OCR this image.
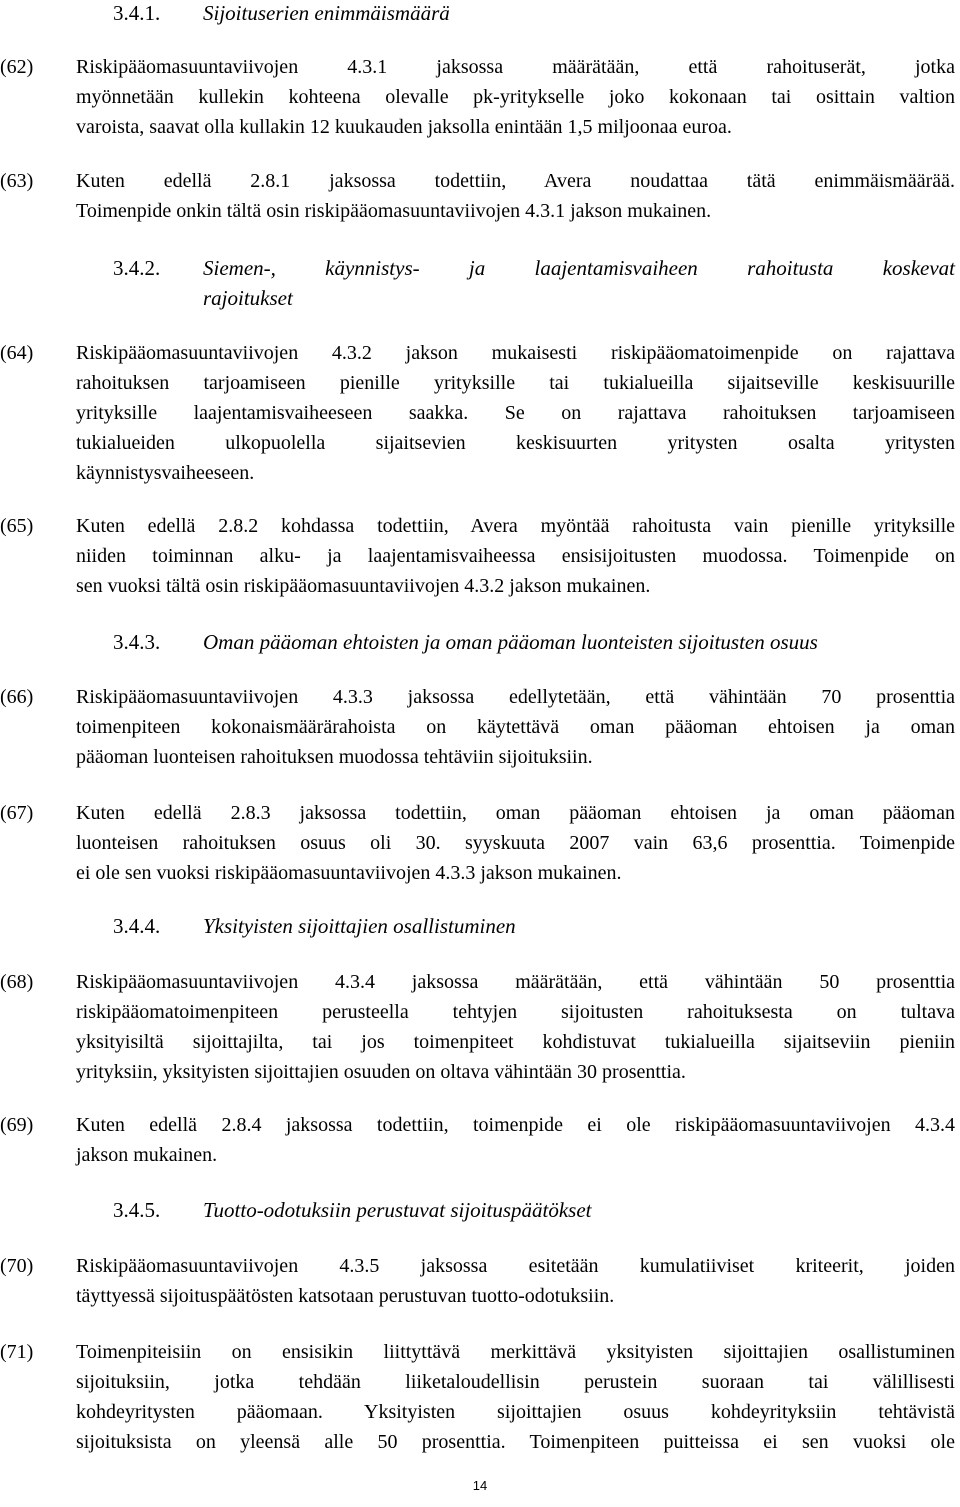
3.4.1. Sijoituserien enimmäismäärä
(62) Riskipääomasuuntaviivojen 4.3.1 jaksossa määrätään, että rahoituserät, jotka
myönnetään kullekin kohteena olevalle pk-yritykselle joko kokonaan tai osittain valtion
varoista, saavat olla kullakin 12 kuukauden jaksolla enintään 1,5 miljoonaa euroa.
(63) Kuten edellä 2.8.1 jaksossa todettiin, Avera noudattaa tätä enimmäismäärää.
Toimenpide onkin tältä osin riskipääomasuuntaviivojen 4.3.1 jakson mukainen.
3.4.2. Siemen-, käynnistys- ja laajentamisvaiheen rahoitusta koskevat
rajoitukset
(64) Riskipääomasuuntaviivojen 4.3.2 jakson mukaisesti riskipääomatoimenpide on rajattava
rahoituksen tarjoamiseen pienille yrityksille tai tukialueilla sijaitseville keskisuurille
yrityksille laajentamisvaiheeseen saakka. Se on rajattava rahoituksen tarjoamiseen
tukialueiden ulkopuolella sijaitsevien keskisuurten yritysten osalta yritysten
käynnistysvaiheeseen.
(65) Kuten edellä 2.8.2 kohdassa todettiin, Avera myöntää rahoitusta vain pienille yrityksille
niiden toiminnan alku- ja laajentamisvaiheessa ensisijoitusten muodossa. Toimenpide on
sen vuoksi tältä osin riskipääomasuuntaviivojen 4.3.2 jakson mukainen.
3.4.3. Oman pääoman ehtoisten ja oman pääoman luonteisten sijoitusten osuus
(66) Riskipääomasuuntaviivojen 4.3.3 jaksossa edellytetään, että vähintään 70 prosenttia
toimenpiteen kokonaismäärärahoista on käytettävä oman pääoman ehtoisen ja oman
pääoman luonteisen rahoituksen muodossa tehtäviin sijoituksiin.
(67) Kuten edellä 2.8.3 jaksossa todettiin, oman pääoman ehtoisen ja oman pääoman
luonteisen rahoituksen osuus oli 30. syyskuuta 2007 vain 63,6 prosenttia. Toimenpide
ei ole sen vuoksi riskipääomasuuntaviivojen 4.3.3 jakson mukainen.
3.4.4. Yksityisten sijoittajien osallistuminen
(68) Riskipääomasuuntaviivojen 4.3.4 jaksossa määrätään, että vähintään 50 prosenttia
riskipääomatoimenpiteen perusteella tehtyjen sijoitusten rahoituksesta on tultava
yksityisiltä sijoittajilta, tai jos toimenpiteet kohdistuvat tukialueilla sijaitseviin pieniin
yrityksiin, yksityisten sijoittajien osuuden on oltava vähintään 30 prosenttia.
(69) Kuten edellä 2.8.4 jaksossa todettiin, toimenpide ei ole riskipääomasuuntaviivojen 4.3.4
jakson mukainen.
3.4.5. Tuotto-odotuksiin perustuvat sijoituspäätökset
(70) Riskipääomasuuntaviivojen 4.3.5 jaksossa esitetään kumulatiiviset kriteerit, joiden
täyttyessä sijoituspäätösten katsotaan perustuvan tuotto-odotuksiin.
(71) Toimenpiteisiin on ensisikin liittyttävä merkittävä yksityisten sijoittajien osallistuminen
sijoituksiin, jotka tehdään liiketaloudellisin perustein suoraan tai välillisesti
kohdeyritysten pääomaan. Yksityisten sijoittajien osuus kohdeyrityksiin tehtävistä
sijoituksista on yleensä alle 50 prosenttia. Toimenpiteen puitteissa ei sen vuoksi ole
14
